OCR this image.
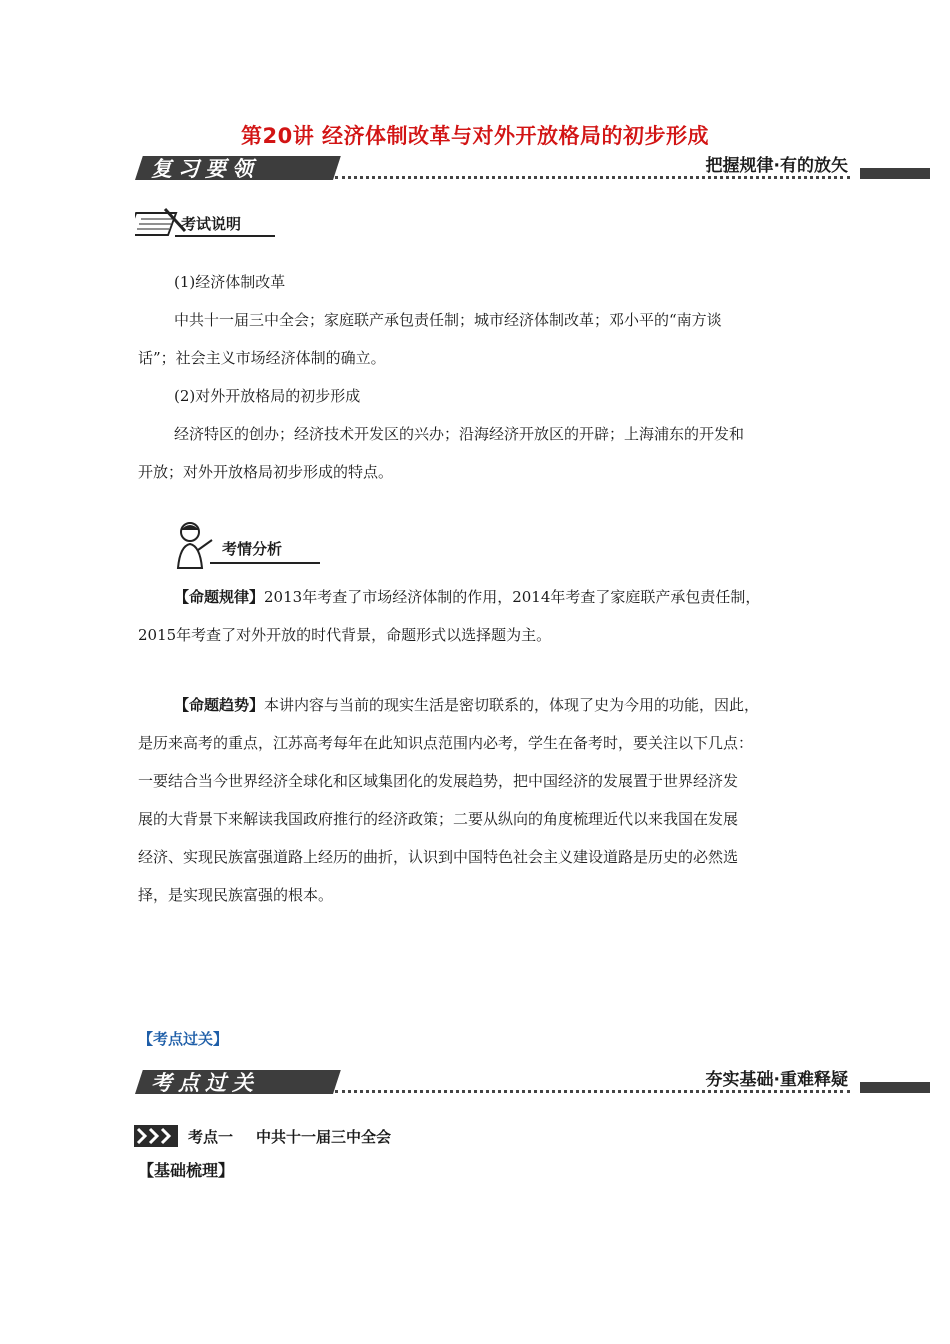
第20讲 经济体制改革与对外开放格局的初步形成
复习要领	把握规律·有的放矢
考试说明
(1)经济体制改革
中共十一届三中全会；家庭联产承包责任制；城市经济体制改革；邓小平的“南方谈
话”；社会主义市场经济体制的确立。
(2)对外开放格局的初步形成
经济特区的创办；经济技术开发区的兴办；沿海经济开放区的开辟；上海浦东的开发和
开放；对外开放格局初步形成的特点。
考情分析
【命题规律】2013年考查了市场经济体制的作用，2014年考查了家庭联产承包责任制，
2015年考查了对外开放的时代背景，命题形式以选择题为主。
【命题趋势】本讲内容与当前的现实生活是密切联系的，体现了史为今用的功能，因此，
是历来高考的重点，江苏高考每年在此知识点范围内必考，学生在备考时，要关注以下几点：
一要结合当今世界经济全球化和区域集团化的发展趋势，把中国经济的发展置于世界经济发
展的大背景下来解读我国政府推行的经济政策；二要从纵向的角度梳理近代以来我国在发展
经济、实现民族富强道路上经历的曲折，认识到中国特色社会主义建设道路是历史的必然选
择，是实现民族富强的根本。
【考点过关】
考点过关	夯实基础·重难释疑
考点一 中共十一届三中全会
【基础梳理】
